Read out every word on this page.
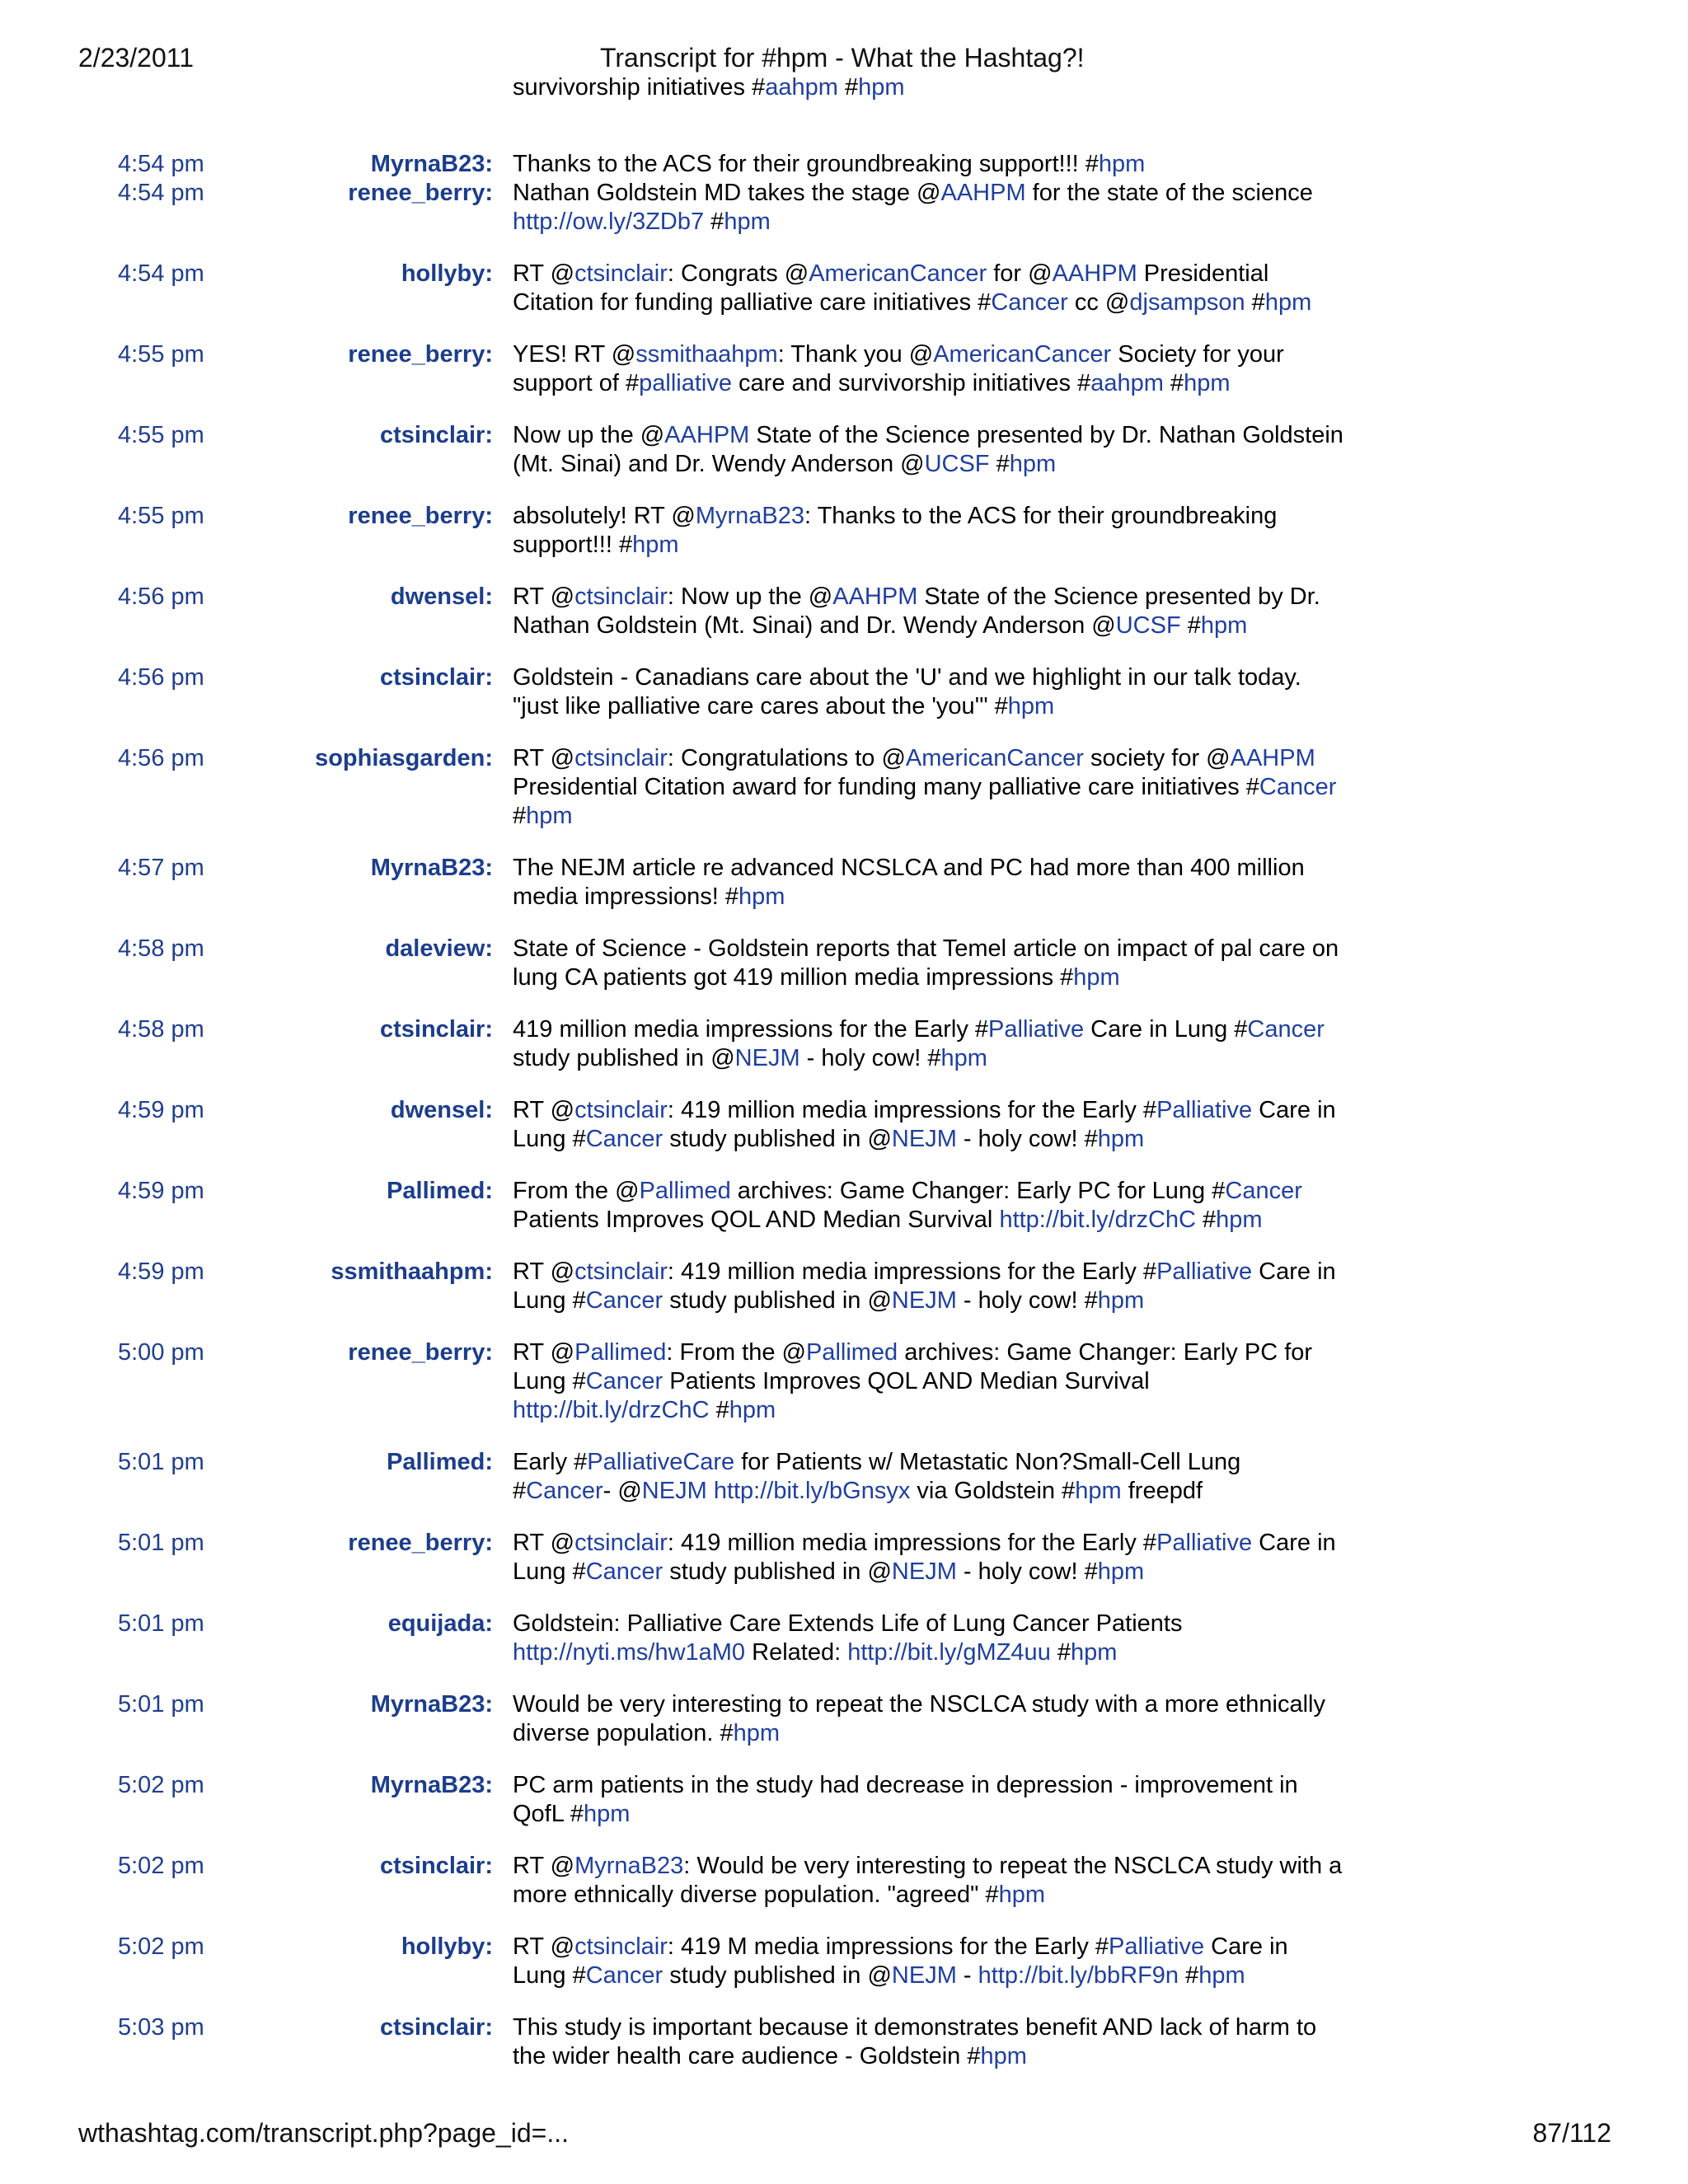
2/23/2011	Transcript for #hpm - What the Hashtag?!
survivorship initiatives #aahpm #hpm
4:54 pm	MyrnaB23: Thanks to the ACS for their groundbreaking support!!! #hpm
4:54 pm	renee_berry: Nathan Goldstein MD takes the stage @AAHPM for the state of the science http://ow.ly/3ZDb7 #hpm
4:54 pm	hollyby: RT @ctsinclair: Congrats @AmericanCancer for @AAHPM Presidential Citation for funding palliative care initiatives #Cancer cc @djsampson #hpm
4:55 pm	renee_berry: YES! RT @ssmithaahpm: Thank you @AmericanCancer Society for your support of #palliative care and survivorship initiatives #aahpm #hpm
4:55 pm	ctsinclair: Now up the @AAHPM State of the Science presented by Dr. Nathan Goldstein (Mt. Sinai) and Dr. Wendy Anderson @UCSF #hpm
4:55 pm	renee_berry: absolutely! RT @MyrnaB23: Thanks to the ACS for their groundbreaking support!!! #hpm
4:56 pm	dwensel: RT @ctsinclair: Now up the @AAHPM State of the Science presented by Dr. Nathan Goldstein (Mt. Sinai) and Dr. Wendy Anderson @UCSF #hpm
4:56 pm	ctsinclair: Goldstein - Canadians care about the 'U' and we highlight in our talk today. "just like palliative care cares about the 'you'" #hpm
4:56 pm	sophiasgarden: RT @ctsinclair: Congratulations to @AmericanCancer society for @AAHPM Presidential Citation award for funding many palliative care initiatives #Cancer #hpm
4:57 pm	MyrnaB23: The NEJM article re advanced NCSLCA and PC had more than 400 million media impressions! #hpm
4:58 pm	daleview: State of Science - Goldstein reports that Temel article on impact of pal care on lung CA patients got 419 million media impressions #hpm
4:58 pm	ctsinclair: 419 million media impressions for the Early #Palliative Care in Lung #Cancer study published in @NEJM - holy cow! #hpm
4:59 pm	dwensel: RT @ctsinclair: 419 million media impressions for the Early #Palliative Care in Lung #Cancer study published in @NEJM - holy cow! #hpm
4:59 pm	Pallimed: From the @Pallimed archives: Game Changer: Early PC for Lung #Cancer Patients Improves QOL AND Median Survival http://bit.ly/drzChC #hpm
4:59 pm	ssmithaahpm: RT @ctsinclair: 419 million media impressions for the Early #Palliative Care in Lung #Cancer study published in @NEJM - holy cow! #hpm
5:00 pm	renee_berry: RT @Pallimed: From the @Pallimed archives: Game Changer: Early PC for Lung #Cancer Patients Improves QOL AND Median Survival http://bit.ly/drzChC #hpm
5:01 pm	Pallimed: Early #PalliativeCare for Patients w/ Metastatic Non?Small-Cell Lung #Cancer- @NEJM http://bit.ly/bGnsyx via Goldstein #hpm freepdf
5:01 pm	renee_berry: RT @ctsinclair: 419 million media impressions for the Early #Palliative Care in Lung #Cancer study published in @NEJM - holy cow! #hpm
5:01 pm	equijada: Goldstein: Palliative Care Extends Life of Lung Cancer Patients http://nyti.ms/hw1aM0 Related: http://bit.ly/gMZ4uu #hpm
5:01 pm	MyrnaB23: Would be very interesting to repeat the NSCLCA study with a more ethnically diverse population. #hpm
5:02 pm	MyrnaB23: PC arm patients in the study had decrease in depression - improvement in QofL #hpm
5:02 pm	ctsinclair: RT @MyrnaB23: Would be very interesting to repeat the NSCLCA study with a more ethnically diverse population. "agreed" #hpm
5:02 pm	hollyby: RT @ctsinclair: 419 M media impressions for the Early #Palliative Care in Lung #Cancer study published in @NEJM - http://bit.ly/bbRF9n #hpm
5:03 pm	ctsinclair: This study is important because it demonstrates benefit AND lack of harm to the wider health care audience - Goldstein #hpm
wthashtag.com/transcript.php?page_id=...	87/112
